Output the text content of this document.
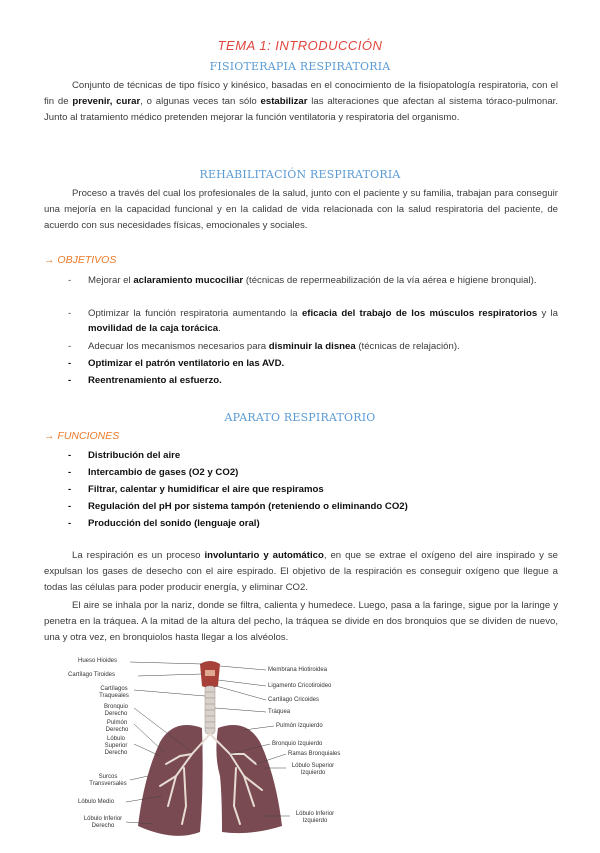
TEMA 1: INTRODUCCIÓN
FISIOTERAPIA RESPIRATORIA

Conjunto de técnicas de tipo físico y kinésico, basadas en el conocimiento de la fisiopatología respiratoria, con el fin de prevenir, curar, o algunas veces tan sólo estabilizar las alteraciones que afectan al sistema tóraco-pulmonar. Junto al tratamiento médico pretenden mejorar la función ventilatoria y respiratoria del organismo.

REHABILITACIÓN RESPIRATORIA

Proceso a través del cual los profesionales de la salud, junto con el paciente y su familia, trabajan para conseguir una mejoría en la capacidad funcional y en la calidad de vida relacionada con la salud respiratoria del paciente, de acuerdo con sus necesidades físicas, emocionales y sociales.

→ OBJETIVOS
-	Mejorar el aclaramiento mucociliar (técnicas de repermeabilización de la vía aérea e higiene bronquial).
-	Optimizar la función respiratoria aumentando la eficacia del trabajo de los músculos respiratorios y la movilidad de la caja torácica.
-	Adecuar los mecanismos necesarios para disminuir la disnea (técnicas de relajación).
-	Optimizar el patrón ventilatorio en las AVD.
-	Reentrenamiento al esfuerzo.
APARATO RESPIRATORIO
→ FUNCIONES
-	Distribución del aire
-	Intercambio de gases (O2 y CO2)
-	Filtrar, calentar y humidificar el aire que respiramos
-	Regulación del pH por sistema tampón (reteniendo o eliminando CO2)
-	Producción del sonido (lenguaje oral)

La respiración es un proceso involuntario y automático, en que se extrae el oxígeno del aire inspirado y se expulsan los gases de desecho con el aire espirado. El objetivo de la respiración es conseguir oxígeno que llegue a todas las células para poder producir energía, y eliminar CO2.

El aire se inhala por la nariz, donde se filtra, calienta y humedece. Luego, pasa a la faringe, sigue por la laringe y penetra en la tráquea. A la mitad de la altura del pecho, la tráquea se divide en dos bronquios que se dividen de nuevo, una y otra vez, en bronquiolos hasta llegar a los alvéolos.

Hueso Hioides
Cartílago Tiroides
Cartílagos Traqueales
Bronquio Derecho
Pulmón Derecho
Lóbulo Superior Derecho
Surcos Transversales
Lóbulo Medio
Lóbulo Inferior Derecho
Membrana Hiotiroidea
Ligamento Cricotiroideo
Cartílago Cricoides
Tráquea
Pulmón Izquierdo
Bronquio Izquierdo
Ramas Bronquiales
Lóbulo Superior Izquierdo
Lóbulo Inferior Izquierdo
